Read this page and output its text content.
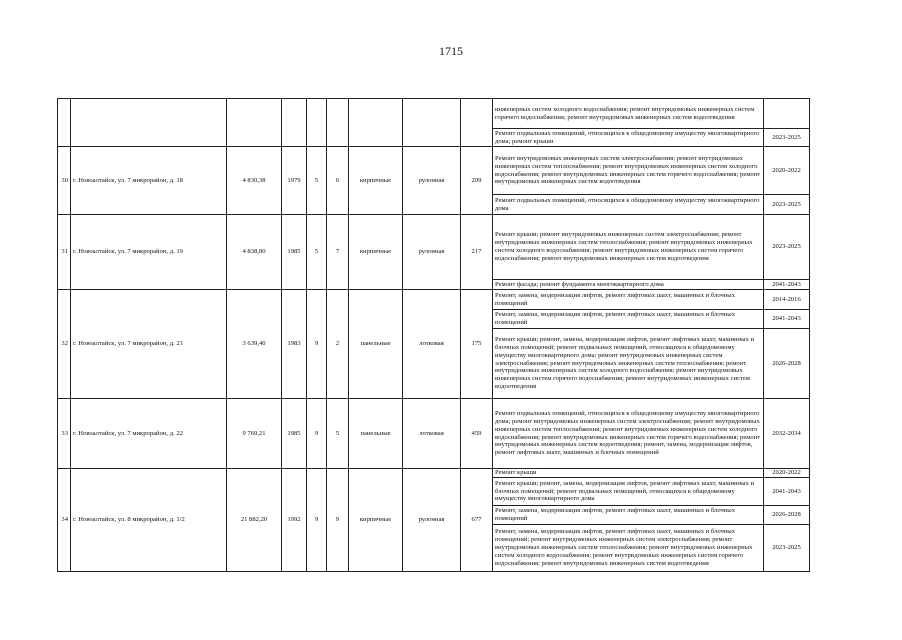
1715
									инженерных систем холодного водоснабжения; ремонт внутридомовых инженерных систем горячего водоснабжения; ремонт внутридомовых инженерных систем водоотведения	
									Ремонт подвальных помещений, относящихся к общедомовому имуществу многоквартирного дома; ремонт крыши	2023-2025
30	г. Новоалтайск, ул. 7 микрорайон, д. 18	4 830,38	1979	5	6	кирпичные	рулонная	209	Ремонт внутридомовых инженерных систем электроснабжения; ремонт внутридомовых инженерных систем теплоснабжения; ремонт внутридомовых инженерных систем холодного водоснабжения; ремонт внутридомовых инженерных систем горячего водоснабжения; ремонт внутридомовых инженерных систем водоотведения	2020-2022
									Ремонт подвальных помещений, относящихся к общедомовому имуществу многоквартирного дома	2023-2025
31	г. Новоалтайск, ул. 7 микрорайон, д. 19	4 838,80	1985	5	7	кирпичные	рулонная	217	Ремонт крыши; ремонт внутридомовых инженерных систем электроснабжения; ремонт внутридомовых инженерных систем теплоснабжения; ремонт внутридомовых инженерных систем холодного водоснабжения; ремонт внутридомовых инженерных систем горячего водоснабжения; ремонт внутридомовых инженерных систем водоотведения	2023-2025
									Ремонт фасада; ремонт фундамента многоквартирного дома	2041-2043
32	г. Новоалтайск, ул. 7 микрорайон, д. 21	3 639,40	1983	9	2	панельные	лотковая	175	Ремонт, замена, модернизация лифтов, ремонт лифтовых шахт, машинных и блочных помещений	2014-2016
									Ремонт, замена, модернизация лифтов, ремонт лифтовых шахт, машинных и блочных помещений	2041-2043
									Ремонт крыши; ремонт, замена, модернизация лифтов, ремонт лифтовых шахт, машинных и блочных помещений; ремонт подвальных помещений, относящихся к общедомовому имуществу многоквартирного дома; ремонт внутридомовых инженерных систем электроснабжения; ремонт внутридомовых инженерных систем теплоснабжения; ремонт внутридомовых инженерных систем холодного водоснабжения; ремонт внутридомовых инженерных систем горячего водоснабжения; ремонт внутридомовых инженерных систем водоотведения	2026-2028
33	г. Новоалтайск, ул. 7 микрорайон, д. 22	9 769,21	1985	9	5	панельные	лотковая	459	Ремонт подвальных помещений, относящихся к общедомовому имуществу многоквартирного дома; ремонт внутридомовых инженерных систем электроснабжения; ремонт внутридомовых инженерных систем теплоснабжения; ремонт внутридомовых инженерных систем холодного водоснабжения; ремонт внутридомовых инженерных систем горячего водоснабжения; ремонт внутридомовых инженерных систем водоотведения; ремонт, замена, модернизация лифтов, ремонт лифтовых шахт, машинных и блочных помещений	2032-2034
34	г. Новоалтайск, ул. 8 микрорайон, д. 1/2	21 882,20	1992	9	9	кирпичные	рулонная	677	Ремонт крыши	2020-2022
									Ремонт крыши; ремонт, замена, модернизация лифтов, ремонт лифтовых шахт, машинных и блочных помещений; ремонт подвальных помещений, относящихся к общедомовому имуществу многоквартирного дома	2041-2043
									Ремонт, замена, модернизация лифтов, ремонт лифтовых шахт, машинных и блочных помещений	2026-2028
									Ремонт, замена, модернизация лифтов, ремонт лифтовых шахт, машинных и блочных помещений; ремонт внутридомовых инженерных систем электроснабжения; ремонт внутридомовых инженерных систем теплоснабжения; ремонт внутридомовых инженерных систем холодного водоснабжения; ремонт внутридомовых инженерных систем горячего водоснабжения; ремонт внутридомовых инженерных систем водоотведения	2023-2025
